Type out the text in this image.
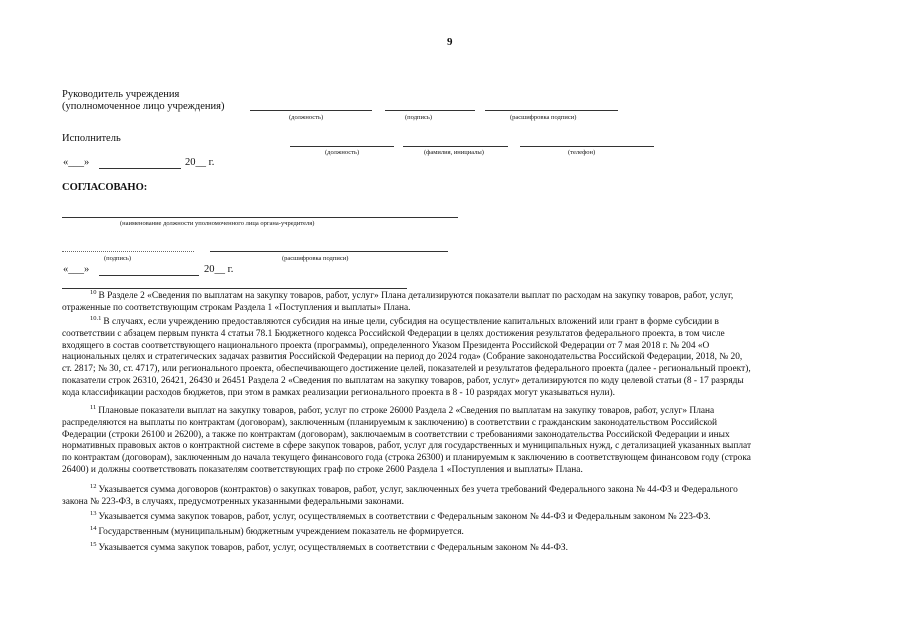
9
Руководитель учреждения
(уполномоченное лицо учреждения)
(должность)	(подпись)	(расшифровка подписи)
Исполнитель
(должность)	(фамилия, инициалы)	(телефон)
«___»	20__ г.
СОГЛАСОВАНО:
(наименование должности уполномоченного лица органа-учредителя)
(подпись)	(расшифровка подписи)
«___»	20__ г.
$^{10}$ В Разделе 2 «Сведения по выплатам на закупку товаров, работ, услуг» Плана детализируются показатели выплат по расходам на закупку товаров, работ, услуг,
отраженные по соответствующим строкам Раздела 1 «Поступления и выплаты» Плана.
$^{10.1}$ В случаях, если учреждению предоставляются субсидия на иные цели, субсидия на осуществление капитальных вложений или грант в форме субсидии в
соответствии с абзацем первым пункта 4 статьи 78.1 Бюджетного кодекса Российской Федерации в целях достижения результатов федерального проекта, в том числе
входящего в состав соответствующего национального проекта (программы), определенного Указом Президента Российской Федерации от 7 мая 2018 г. № 204 «О
национальных целях и стратегических задачах развития Российской Федерации на период до 2024 года» (Собрание законодательства Российской Федерации, 2018, № 20,
ст. 2817; № 30, ст. 4717), или регионального проекта, обеспечивающего достижение целей, показателей и результатов федерального проекта (далее - региональный проект),
показатели строк 26310, 26421, 26430 и 26451 Раздела 2 «Сведения по выплатам на закупку товаров, работ, услуг» детализируются по коду целевой статьи (8 - 17 разряды
кода классификации расходов бюджетов, при этом в рамках реализации регионального проекта в 8 - 10 разрядах могут указываться нули).
$^{11}$ Плановые показатели выплат на закупку товаров, работ, услуг по строке 26000 Раздела 2 «Сведения по выплатам на закупку товаров, работ, услуг» Плана
распределяются на выплаты по контрактам (договорам), заключенным (планируемым к заключению) в соответствии с гражданским законодательством Российской
Федерации (строки 26100 и 26200), а также по контрактам (договорам), заключаемым в соответствии с требованиями законодательства Российской Федерации и иных
нормативных правовых актов о контрактной системе в сфере закупок товаров, работ, услуг для государственных и муниципальных нужд, с детализацией указанных выплат
по контрактам (договорам), заключенным до начала текущего финансового года (строка 26300) и планируемым к заключению в соответствующем финансовом году (строка
26400) и должны соответствовать показателям соответствующих граф по строке 2600 Раздела 1 «Поступления и выплаты» Плана.
$^{12}$ Указывается сумма договоров (контрактов) о закупках товаров, работ, услуг, заключенных без учета требований Федерального закона № 44-ФЗ и Федерального
закона № 223-ФЗ, в случаях, предусмотренных указанными федеральными законами.
$^{13}$ Указывается сумма закупок товаров, работ, услуг, осуществляемых в соответствии с Федеральным законом № 44-ФЗ и Федеральным законом № 223-ФЗ.
$^{14}$ Государственным (муниципальным) бюджетным учреждением показатель не формируется.
$^{15}$ Указывается сумма закупок товаров, работ, услуг, осуществляемых в соответствии с Федеральным законом № 44-ФЗ.
